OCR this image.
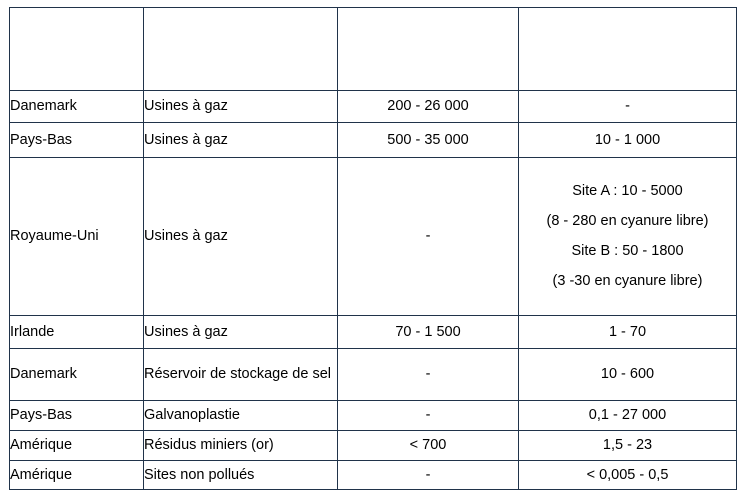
Lieu	Activité du site	Concentration en cyanure total dans les eaux souterraines [µg/L]	Concentration en cyanure total dans les sols [mg/kg]
Danemark	Usines à gaz	200 - 26 000	-
Pays-Bas	Usines à gaz	500 - 35 000	10 - 1 000
Royaume-Uni	Usines à gaz	-	Site A : 10 - 5000

(8 - 280 en cyanure libre)

Site B : 50 - 1800

(3 -30 en cyanure libre)

Irlande	Usines à gaz	70 - 1 500	1 - 70
Danemark	Réservoir de stockage de sel	-	10 - 600
Pays-Bas	Galvanoplastie	-	0,1 - 27 000
Amérique	Résidus miniers (or)	< 700	1,5 - 23
Amérique	Sites non pollués	-	< 0,005 - 0,5
